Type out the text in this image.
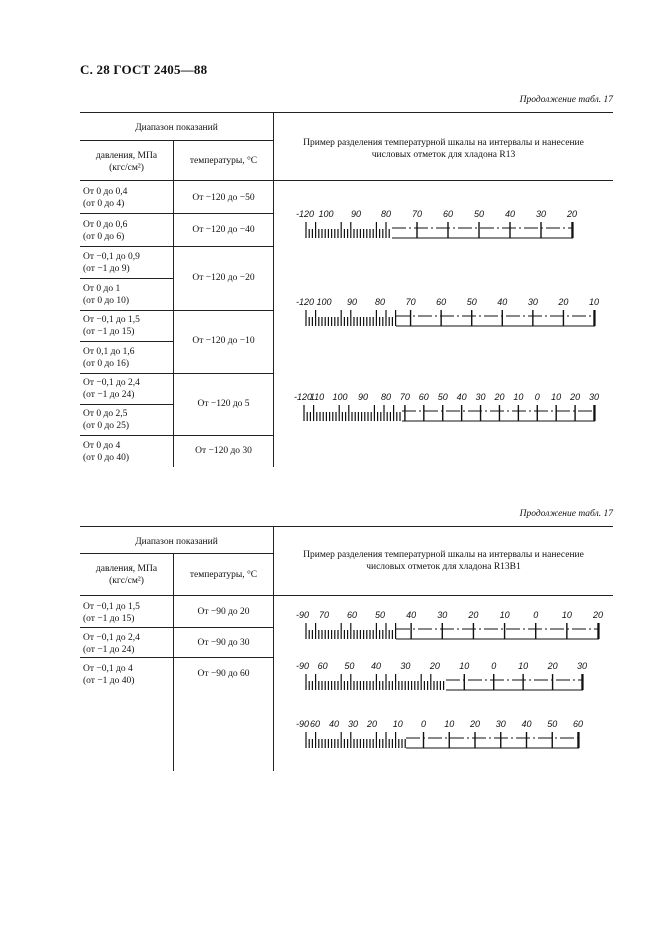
С. 28 ГОСТ 2405—88
Продолжение табл. 17
Диапазон показаний
давления, МПа
(кгс/см²)
температуры, °С
Пример разделения температурной шкалы на интервалы и нанесение
числовых отметок для хладона R13
От 0 до 0,4
(от 0 до 4)
От 0 до 0,6
(от 0 до 6)
От −0,1 до 0,9
(от −1 до 9)
От 0 до 1
(от 0 до 10)
От −0,1 до 1,5
(от −1 до 15)
От 0,1 до 1,6
(от 0 до 16)
От −0,1 до 2,4
(от −1 до 24)
От 0 до 2,5
(от 0 до 25)
От 0 до 4
(от 0 до 40)
От −120 до −50
От −120 до −40
От −120 до −20
От −120 до −10
От −120 до 5
От −120 до 30
-120 100 90 80 70 60 50 40 30 20
-120 100 90 80 70 60 50 40 30 20 10
-120
110 100 90 80 70 60 50 40 30 20 10 0 10 20 30
Продолжение табл. 17
Диапазон показаний
давления, МПа
(кгс/см²)
температуры, °С
Пример разделения температурной шкалы на интервалы и нанесение
числовых отметок для хладона R13B1
От −0,1 до 1,5
(от −1 до 15)
От −0,1 до 2,4
(от −1 до 24)
От −0,1 до 4
(от −1 до 40)
От −90 до 20
От −90 до 30
От −90 до 60
-90 70 60 50 40 30 20 10	0	10 20
-90 60 50 40 30 20 10 0 10 20 30
-90 60 40 30 20 10 0 10 20 30 40 50 60
